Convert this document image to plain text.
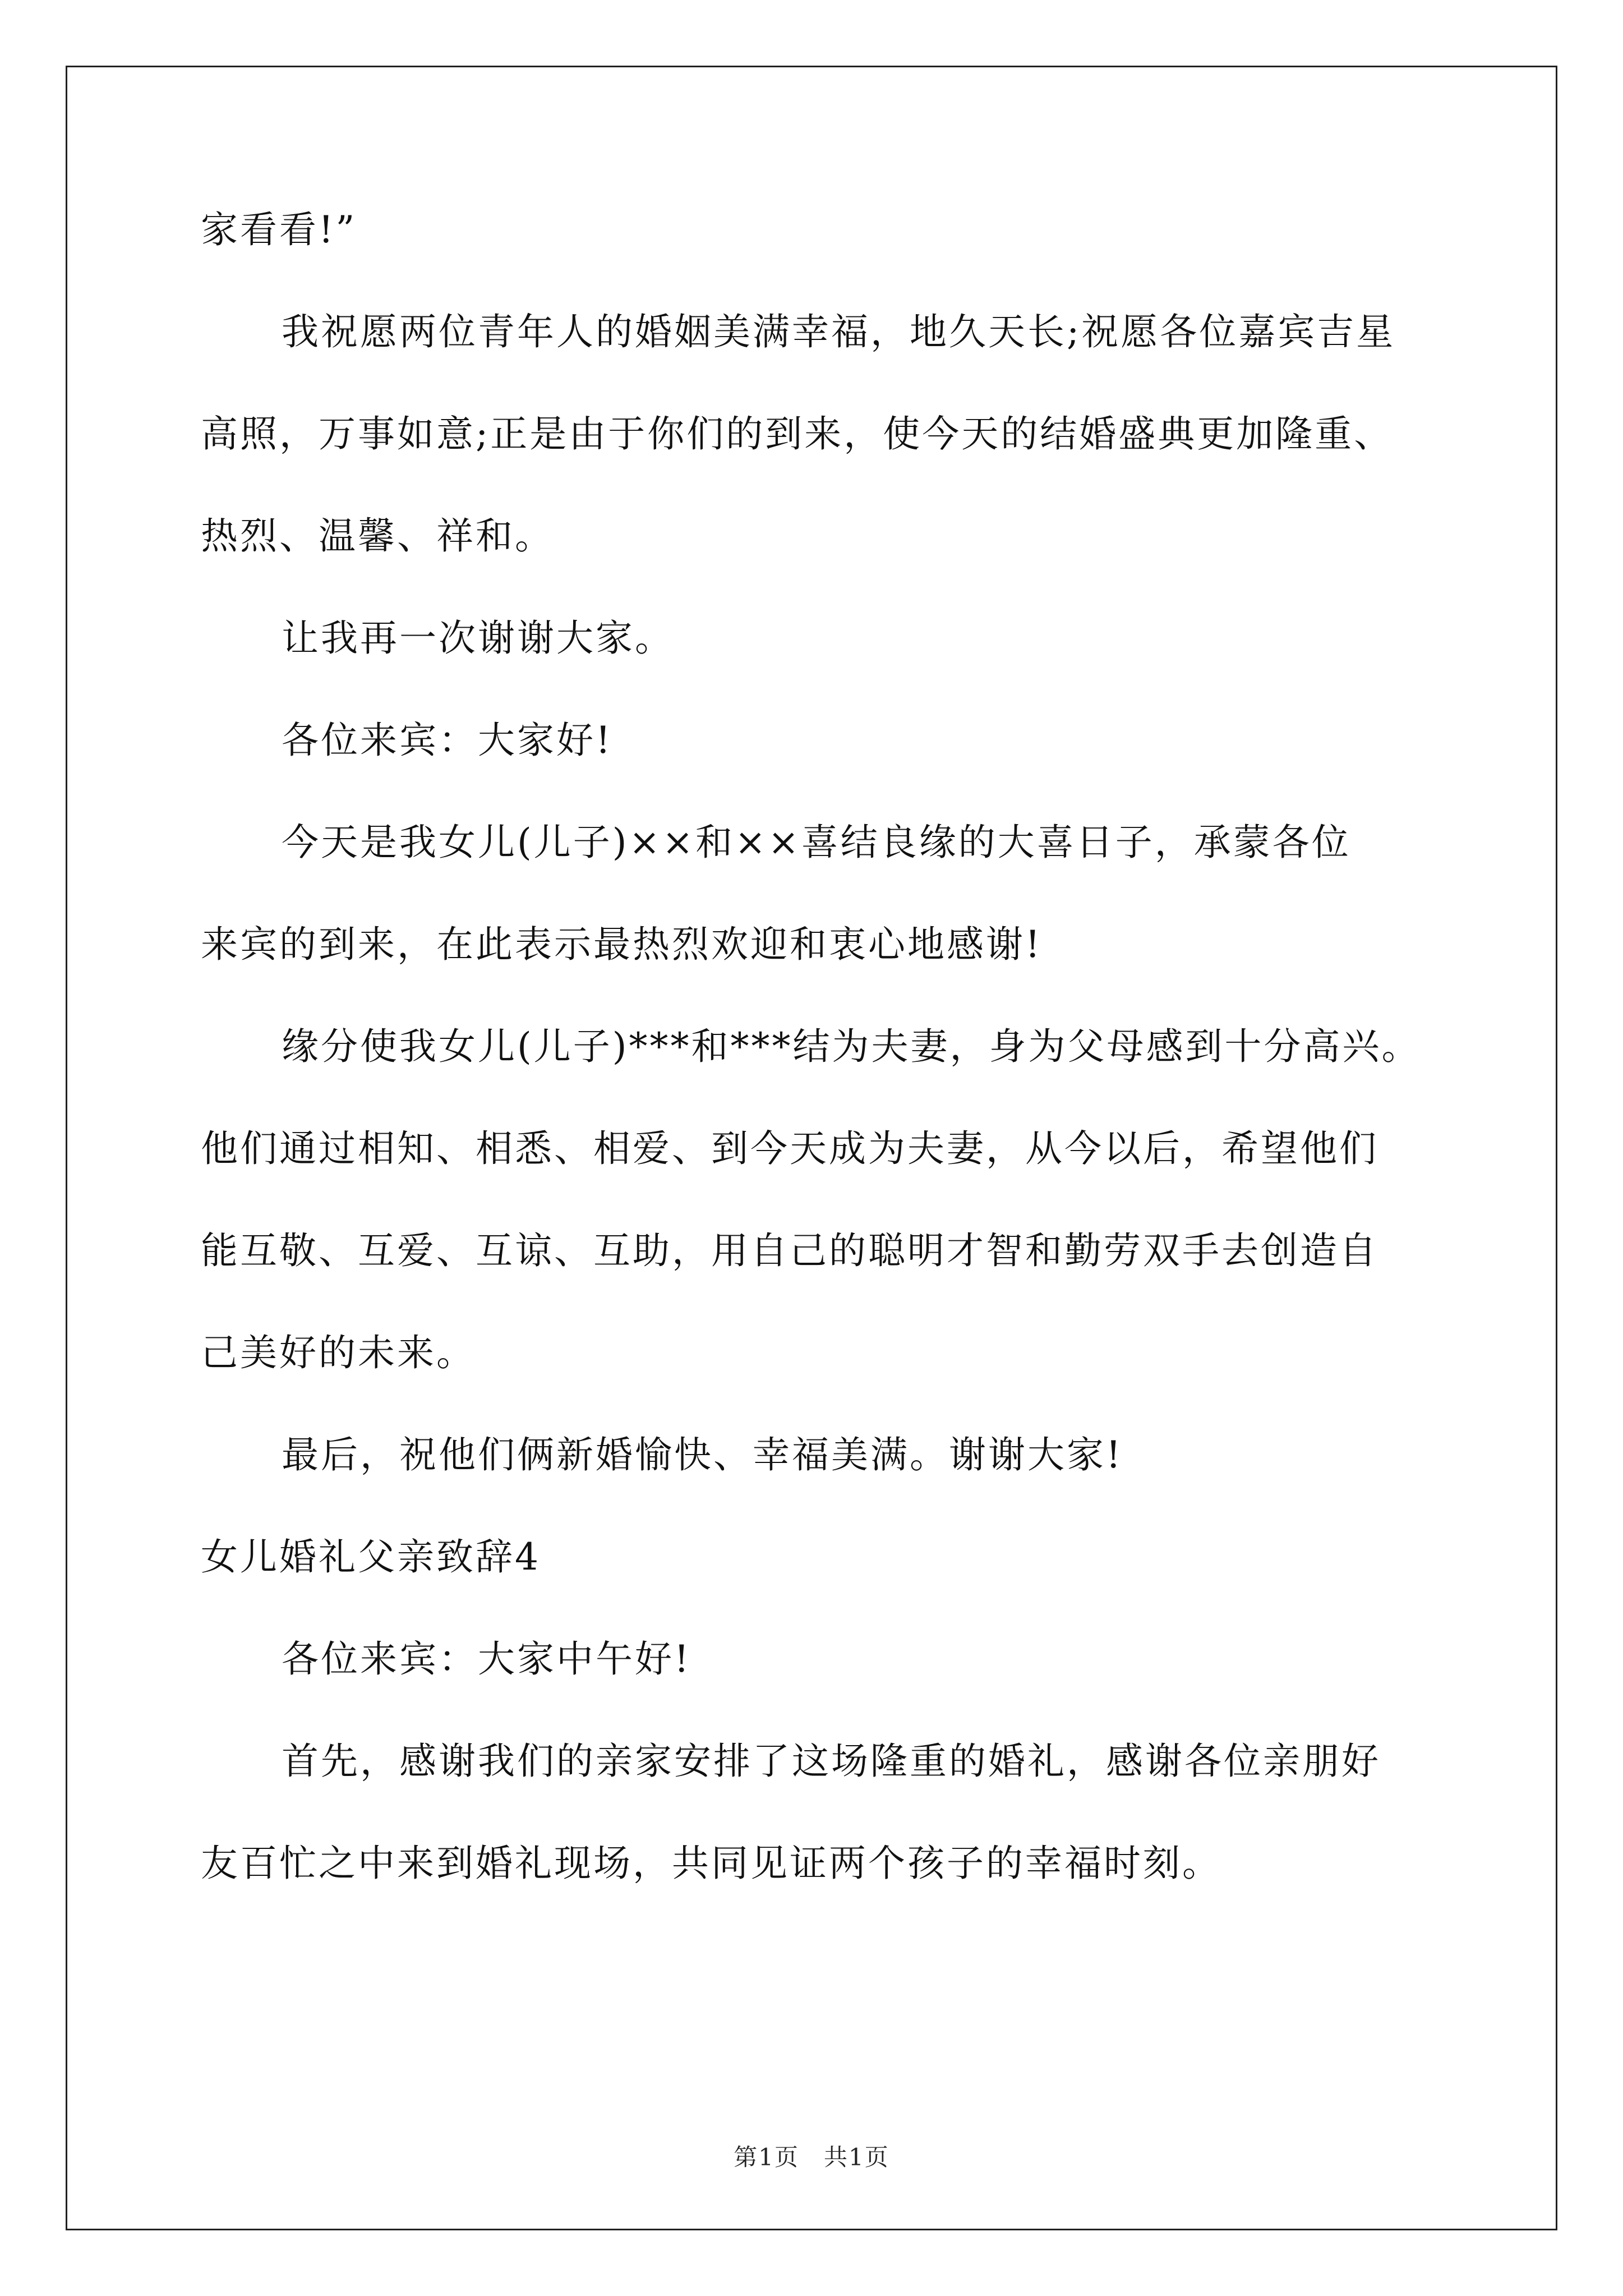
家看看!”
我祝愿两位青年人的婚姻美满幸福，地久天长;祝愿各位嘉宾吉星
高照，万事如意;正是由于你们的到来，使今天的结婚盛典更加隆重、
热烈、温馨、祥和。
让我再一次谢谢大家。
各位来宾：大家好!
今天是我女儿(儿子)××和××喜结良缘的大喜日子，承蒙各位
来宾的到来，在此表示最热烈欢迎和衷心地感谢!
缘分使我女儿(儿子)***和***结为夫妻，身为父母感到十分高兴。
他们通过相知、相悉、相爱、到今天成为夫妻，从今以后，希望他们
能互敬、互爱、互谅、互助，用自己的聪明才智和勤劳双手去创造自
己美好的未来。
最后，祝他们俩新婚愉快、幸福美满。谢谢大家!
女儿婚礼父亲致辞4
各位来宾：大家中午好!
首先，感谢我们的亲家安排了这场隆重的婚礼，感谢各位亲朋好
友百忙之中来到婚礼现场，共同见证两个孩子的幸福时刻。
第1页　共1页
